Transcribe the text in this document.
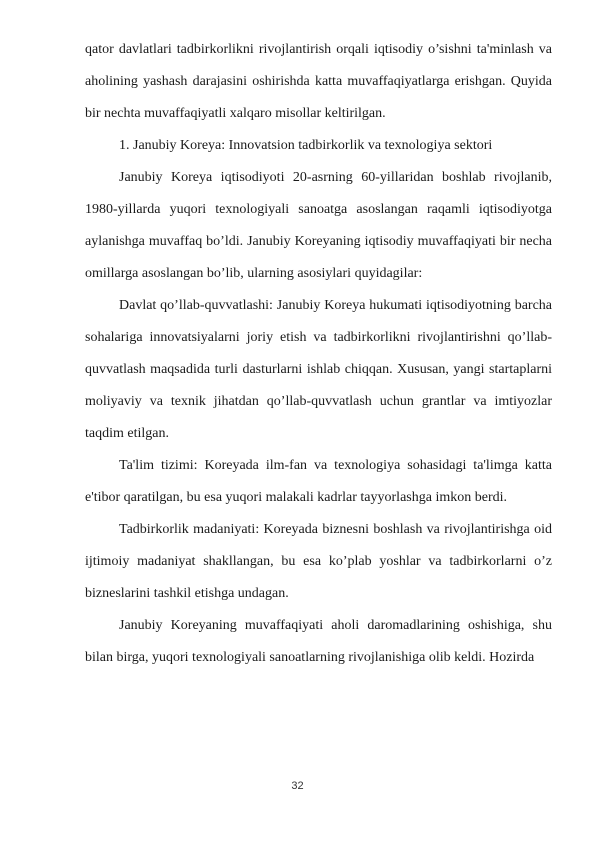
qator davlatlari tadbirkorlikni rivojlantirish orqali iqtisodiy o’sishni ta'minlash va aholining yashash darajasini oshirishda katta muvaffaqiyatlarga erishgan. Quyida bir nechta muvaffaqiyatli xalqaro misollar keltirilgan.

1. Janubiy Koreya: Innovatsion tadbirkorlik va texnologiya sektori

Janubiy Koreya iqtisodiyoti 20-asrning 60-yillaridan boshlab rivojlanib, 1980-yillarda yuqori texnologiyali sanoatga asoslangan raqamli iqtisodiyotga aylanishga muvaffaq bo’ldi. Janubiy Koreyaning iqtisodiy muvaffaqiyati bir necha omillarga asoslangan bo’lib, ularning asosiylari quyidagilar:

Davlat qo’llab-quvvatlashi: Janubiy Koreya hukumati iqtisodiyotning barcha sohalariga innovatsiyalarni joriy etish va tadbirkorlikni rivojlantirishni qo’llab-quvvatlash maqsadida turli dasturlarni ishlab chiqqan. Xususan, yangi startaplarni moliyaviy va texnik jihatdan qo’llab-quvvatlash uchun grantlar va imtiyozlar taqdim etilgan.

Ta'lim tizimi: Koreyada ilm-fan va texnologiya sohasidagi ta'limga katta e'tibor qaratilgan, bu esa yuqori malakali kadrlar tayyorlashga imkon berdi.

Tadbirkorlik madaniyati: Koreyada biznesni boshlash va rivojlantirishga oid ijtimoiy madaniyat shakllangan, bu esa ko’plab yoshlar va tadbirkorlarni o’z bizneslarini tashkil etishga undagan.

Janubiy Koreyaning muvaffaqiyati aholi daromadlarining oshishiga, shu bilan birga, yuqori texnologiyali sanoatlarning rivojlanishiga olib keldi. Hozirda

32
